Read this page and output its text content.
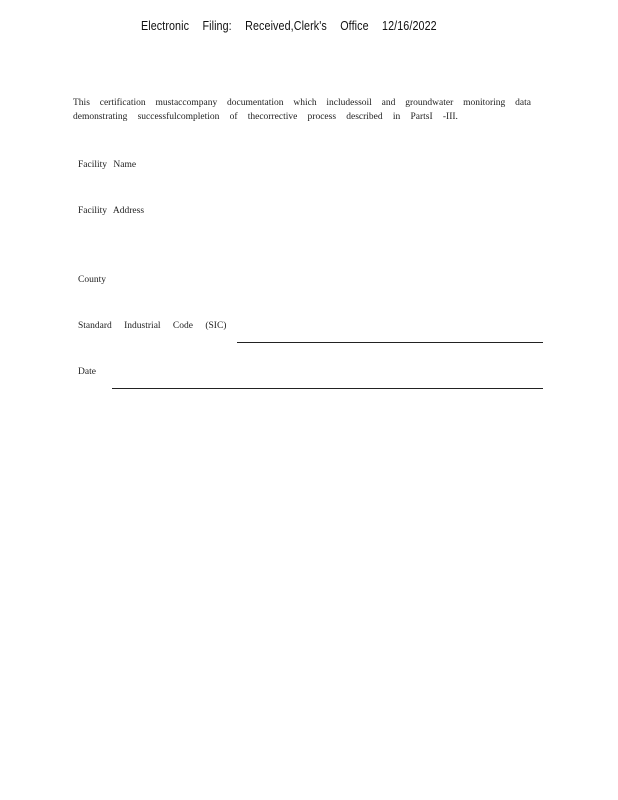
Electronic Filing: Received,Clerk's Office 12/16/2022
This certification mustaccompany documentation which includessoil and groundwater monitoring data
demonstrating successfulcompletion of thecorrective process described in PartsI -III.
Facility Name
Facility Address
County
Standard Industrial Code (SIC)
Date
